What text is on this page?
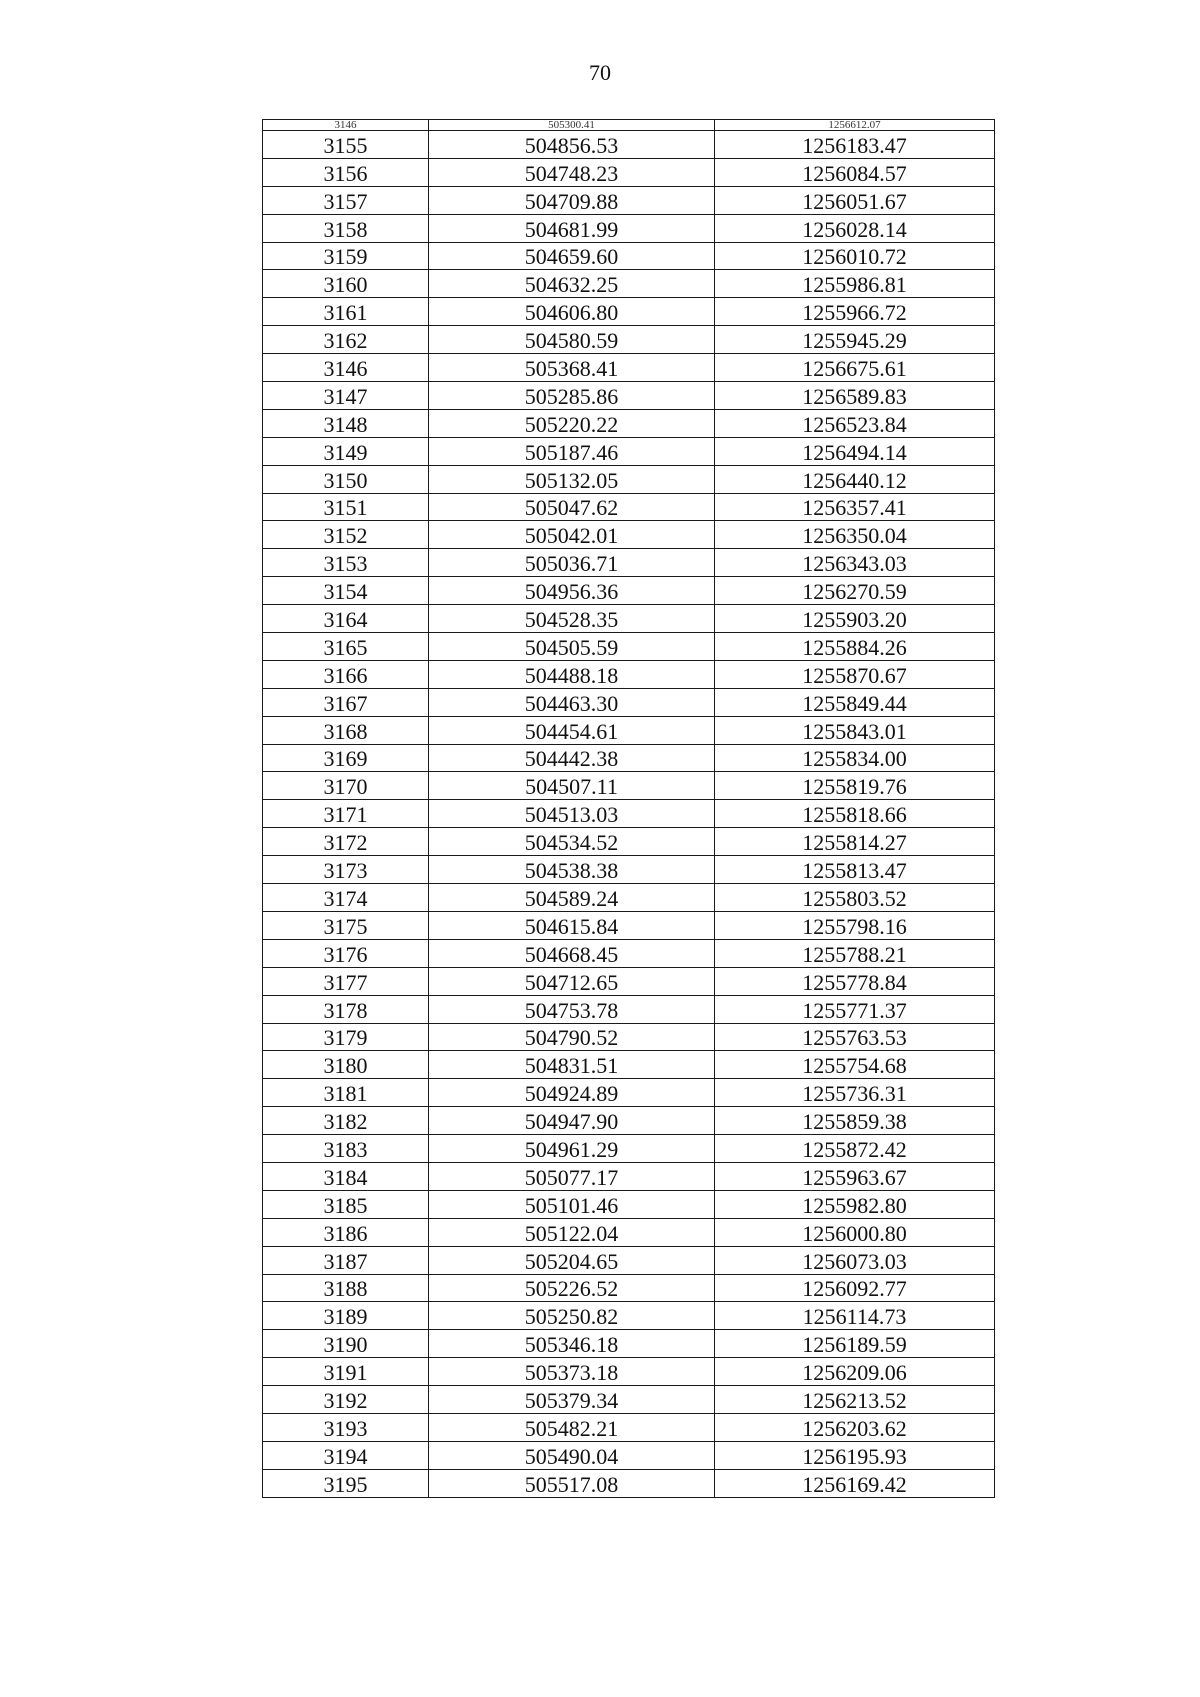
70
3146	505300.41	1256612.07
3155	504856.53	1256183.47
3156	504748.23	1256084.57
3157	504709.88	1256051.67
3158	504681.99	1256028.14
3159	504659.60	1256010.72
3160	504632.25	1255986.81
3161	504606.80	1255966.72
3162	504580.59	1255945.29
3146	505368.41	1256675.61
3147	505285.86	1256589.83
3148	505220.22	1256523.84
3149	505187.46	1256494.14
3150	505132.05	1256440.12
3151	505047.62	1256357.41
3152	505042.01	1256350.04
3153	505036.71	1256343.03
3154	504956.36	1256270.59
3164	504528.35	1255903.20
3165	504505.59	1255884.26
3166	504488.18	1255870.67
3167	504463.30	1255849.44
3168	504454.61	1255843.01
3169	504442.38	1255834.00
3170	504507.11	1255819.76
3171	504513.03	1255818.66
3172	504534.52	1255814.27
3173	504538.38	1255813.47
3174	504589.24	1255803.52
3175	504615.84	1255798.16
3176	504668.45	1255788.21
3177	504712.65	1255778.84
3178	504753.78	1255771.37
3179	504790.52	1255763.53
3180	504831.51	1255754.68
3181	504924.89	1255736.31
3182	504947.90	1255859.38
3183	504961.29	1255872.42
3184	505077.17	1255963.67
3185	505101.46	1255982.80
3186	505122.04	1256000.80
3187	505204.65	1256073.03
3188	505226.52	1256092.77
3189	505250.82	1256114.73
3190	505346.18	1256189.59
3191	505373.18	1256209.06
3192	505379.34	1256213.52
3193	505482.21	1256203.62
3194	505490.04	1256195.93
3195	505517.08	1256169.42
